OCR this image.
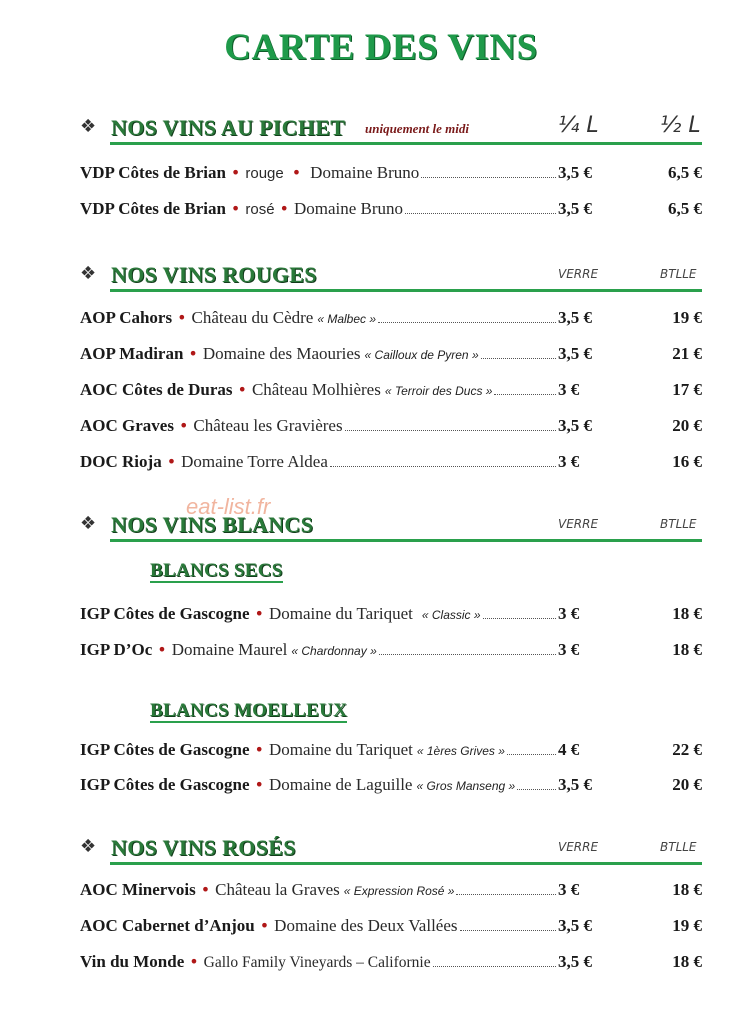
CARTE DES VINS
❖ NOS VINS AU PICHET uniquement le midi	¼ L	½ L
VDP Côtes de Brian • rouge • Domaine Bruno	3,5 €	6,5 €
VDP Côtes de Brian • rosé • Domaine Bruno	3,5 €	6,5 €
❖ NOS VINS ROUGES	VERRE	BTLLE
AOP Cahors • Château du Cèdre « Malbec »	3,5 €	19 €
AOP Madiran • Domaine des Maouries « Cailloux de Pyren »	3,5 €	21 €
AOC Côtes de Duras • Château Molhières « Terroir des Ducs »	3 €	17 €
AOC Graves • Château les Gravières	3,5 €	20 €
DOC Rioja • Domaine Torre Aldea	3 €	16 €
eat-list.fr
❖ NOS VINS BLANCS	VERRE	BTLLE
BLANCS SECS
IGP Côtes de Gascogne • Domaine du Tariquet « Classic »	3 €	18 €
IGP D’Oc • Domaine Maurel « Chardonnay »	3 €	18 €
BLANCS MOELLEUX
IGP Côtes de Gascogne • Domaine du Tariquet « 1ères Grives »	4 €	22 €
IGP Côtes de Gascogne • Domaine de Laguille « Gros Manseng »	3,5 €	20 €
❖ NOS VINS ROSÉS	VERRE	BTLLE
AOC Minervois • Château la Graves « Expression Rosé »	3 €	18 €
AOC Cabernet d’Anjou • Domaine des Deux Vallées	3,5 €	19 €
Vin du Monde • Gallo Family Vineyards – Californie	3,5 €	18 €
